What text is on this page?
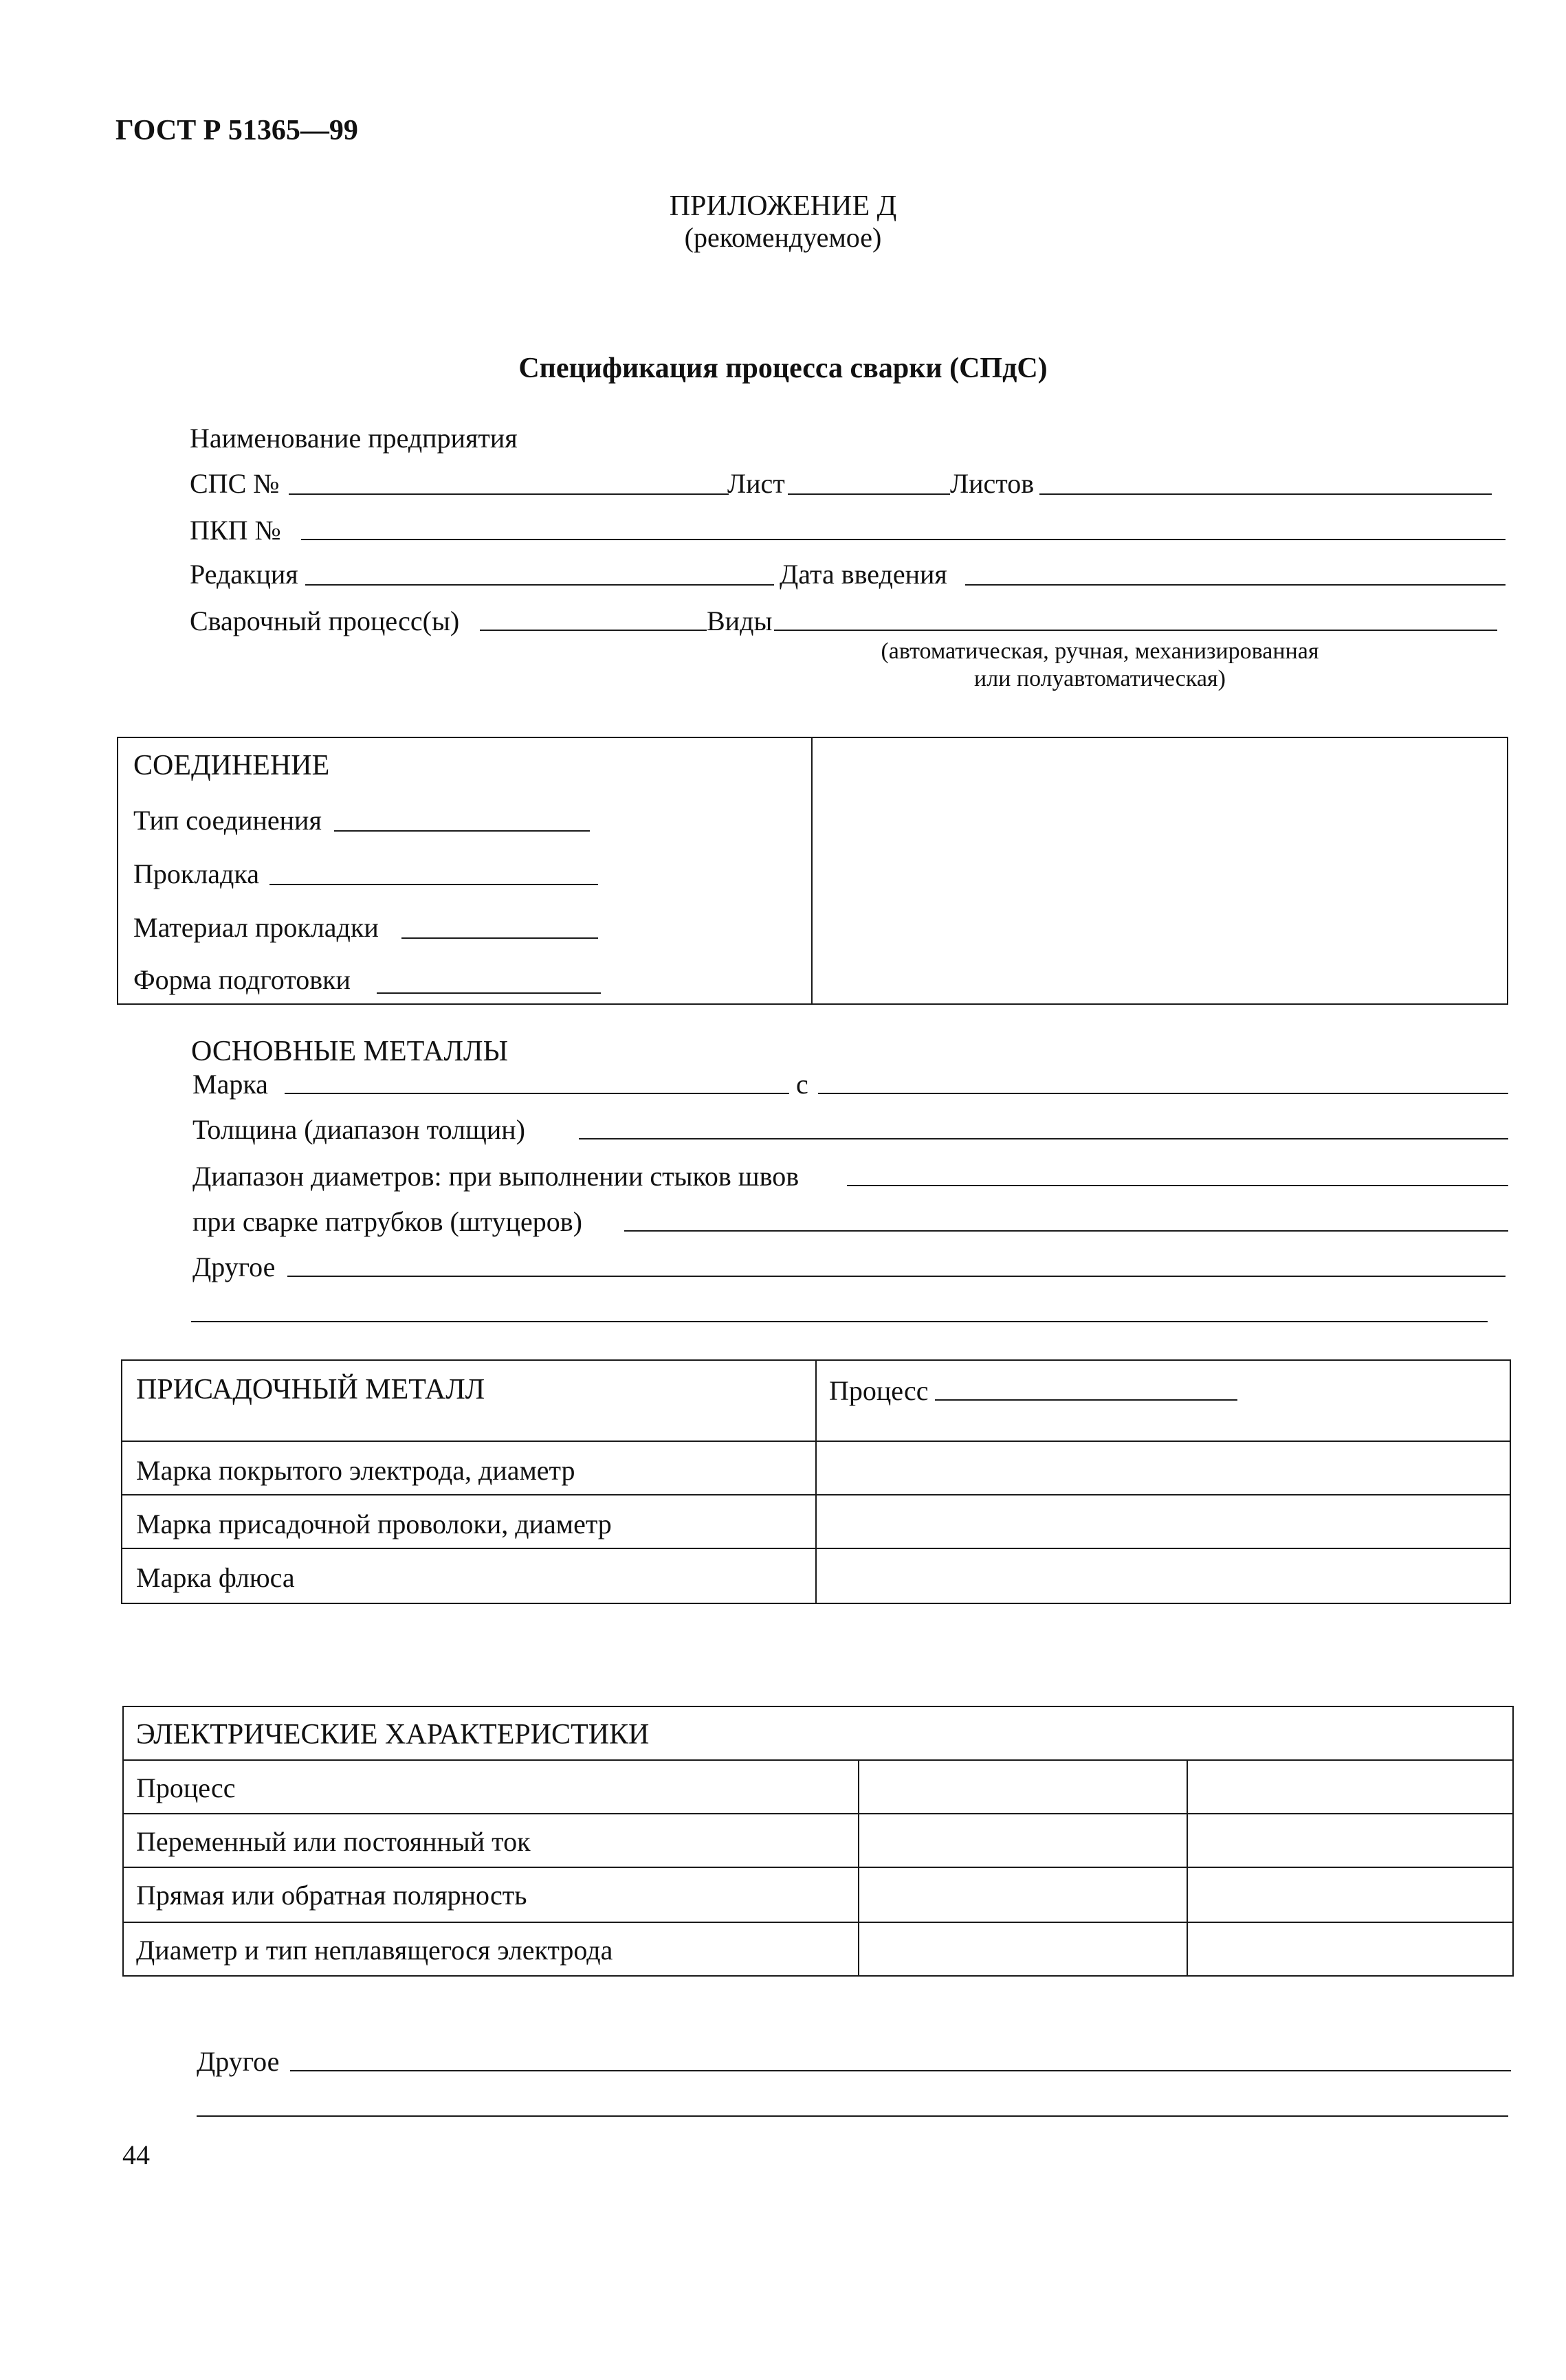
ГОСТ Р 51365—99
ПРИЛОЖЕНИЕ Д
(рекомендуемое)
Спецификация процесса сварки (СПдС)
Наименование предприятия
СПС №	Лист	Листов
ПКП №
Редакция	Дата введения
Сварочный процесс(ы)	Виды
(автоматическая, ручная, механизированная
или полуавтоматическая)
СОЕДИНЕНИЕ
Тип соединения
Прокладка
Материал прокладки
Форма подготовки
ОСНОВНЫЕ МЕТАЛЛЫ
Марка	с
Толщина (диапазон толщин)
Диапазон диаметров: при выполнении стыков швов
при сварке патрубков (штуцеров)
Другое
ПРИСАДОЧНЫЙ МЕТАЛЛ	Процесс
Марка покрытого электрода, диаметр
Марка присадочной проволоки, диаметр
Марка флюса
ЭЛЕКТРИЧЕСКИЕ ХАРАКТЕРИСТИКИ
Процесс
Переменный или постоянный ток
Прямая или обратная полярность
Диаметр и тип неплавящегося электрода
Другое
44
